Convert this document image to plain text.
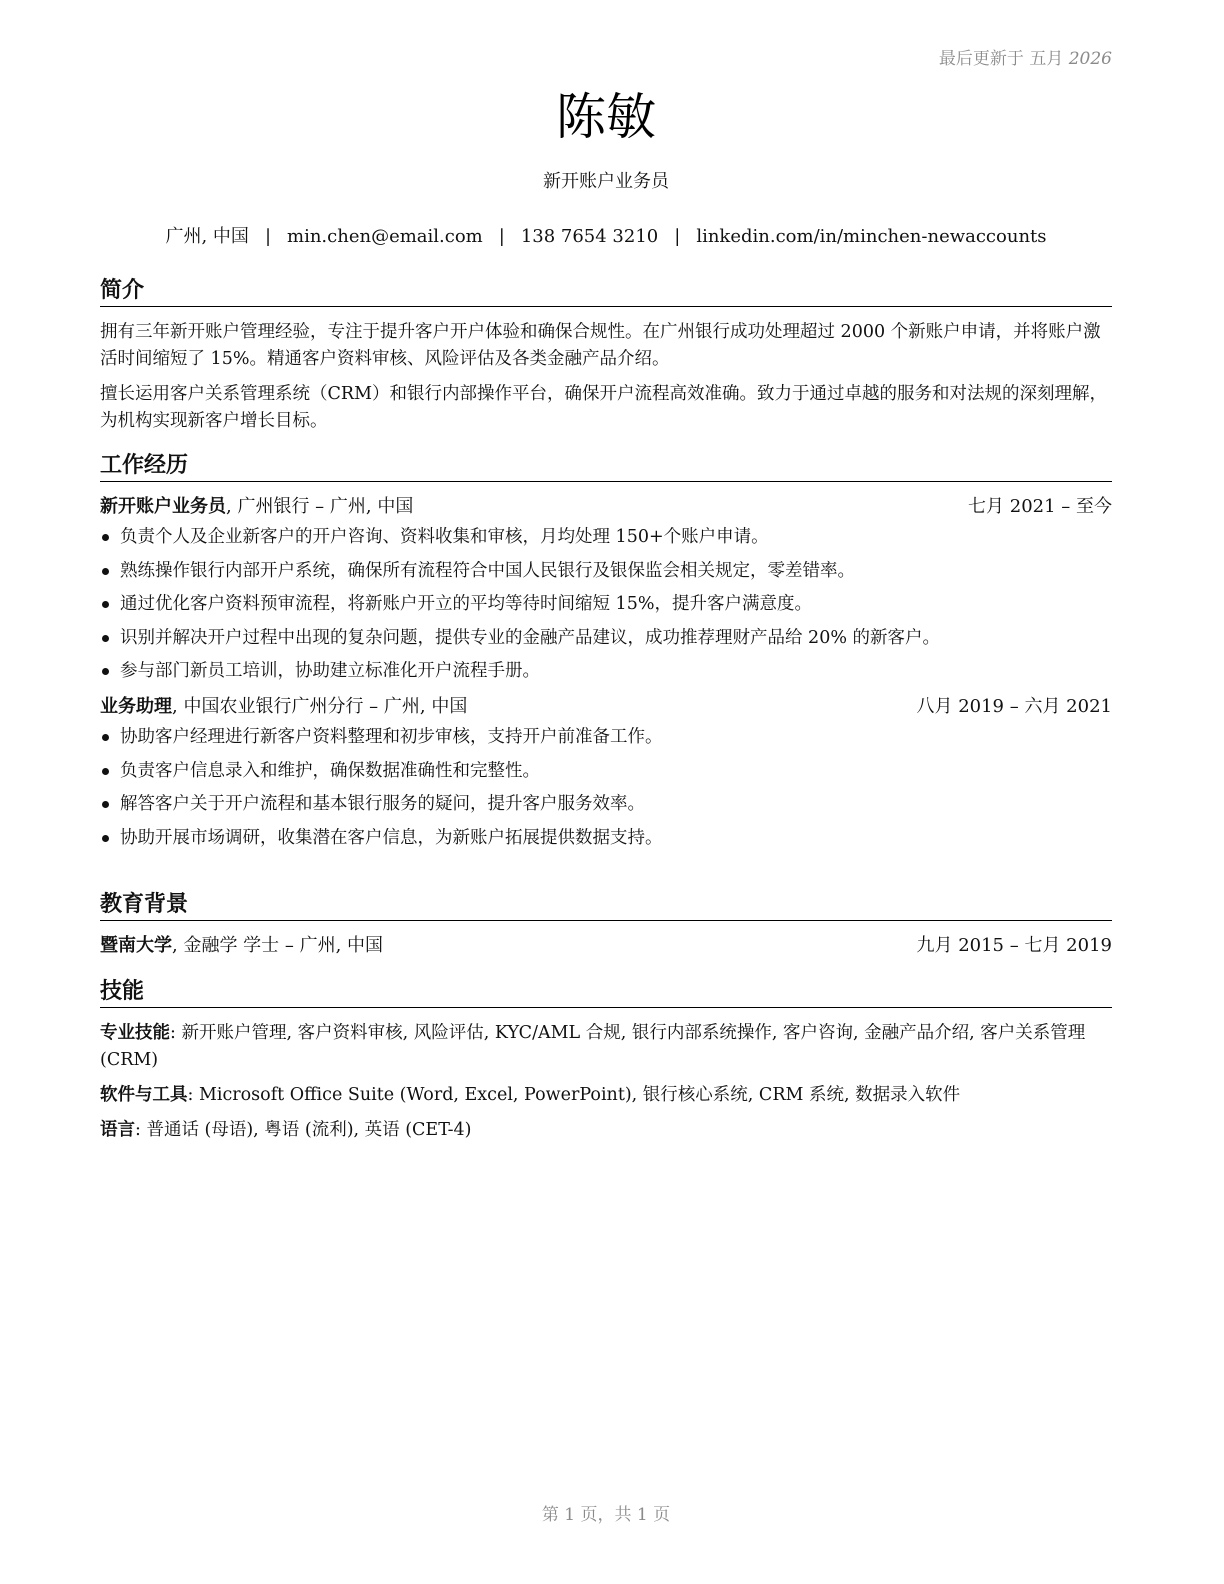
最后更新于 五月 2026
陈敏
新开账户业务员
广州, 中国 | min.chen@email.com | 138 7654 3210 | linkedin.com/in/minchen-newaccounts
简介

拥有三年新开账户管理经验，专注于提升客户开户体验和确保合规性。在广州银行成功处理超过 2000 个新账户申请，并将账户激活时间缩短了 15%。精通客户资料审核、风险评估及各类金融产品介绍。

擅长运用客户关系管理系统（CRM）和银行内部操作平台，确保开户流程高效准确。致力于通过卓越的服务和对法规的深刻理解，为机构实现新客户增长目标。

工作经历
新开账户业务员, 广州银行 – 广州, 中国	七月 2021 – 至今
负责个人及企业新客户的开户咨询、资料收集和审核，月均处理 150+个账户申请。
熟练操作银行内部开户系统，确保所有流程符合中国人民银行及银保监会相关规定，零差错率。
通过优化客户资料预审流程，将新账户开立的平均等待时间缩短 15%，提升客户满意度。
识别并解决开户过程中出现的复杂问题，提供专业的金融产品建议，成功推荐理财产品给 20% 的新客户。
参与部门新员工培训，协助建立标准化开户流程手册。
业务助理, 中国农业银行广州分行 – 广州, 中国	八月 2019 – 六月 2021
协助客户经理进行新客户资料整理和初步审核，支持开户前准备工作。
负责客户信息录入和维护，确保数据准确性和完整性。
解答客户关于开户流程和基本银行服务的疑问，提升客户服务效率。
协助开展市场调研，收集潜在客户信息，为新账户拓展提供数据支持。
教育背景
暨南大学, 金融学 学士 – 广州, 中国	九月 2015 – 七月 2019
技能

专业技能: 新开账户管理, 客户资料审核, 风险评估, KYC/AML 合规, 银行内部系统操作, 客户咨询, 金融产品介绍, 客户关系管理 (CRM)

软件与工具: Microsoft Office Suite (Word, Excel, PowerPoint), 银行核心系统, CRM 系统, 数据录入软件

语言: 普通话 (母语), 粤语 (流利), 英语 (CET-4)

第 1 页，共 1 页
